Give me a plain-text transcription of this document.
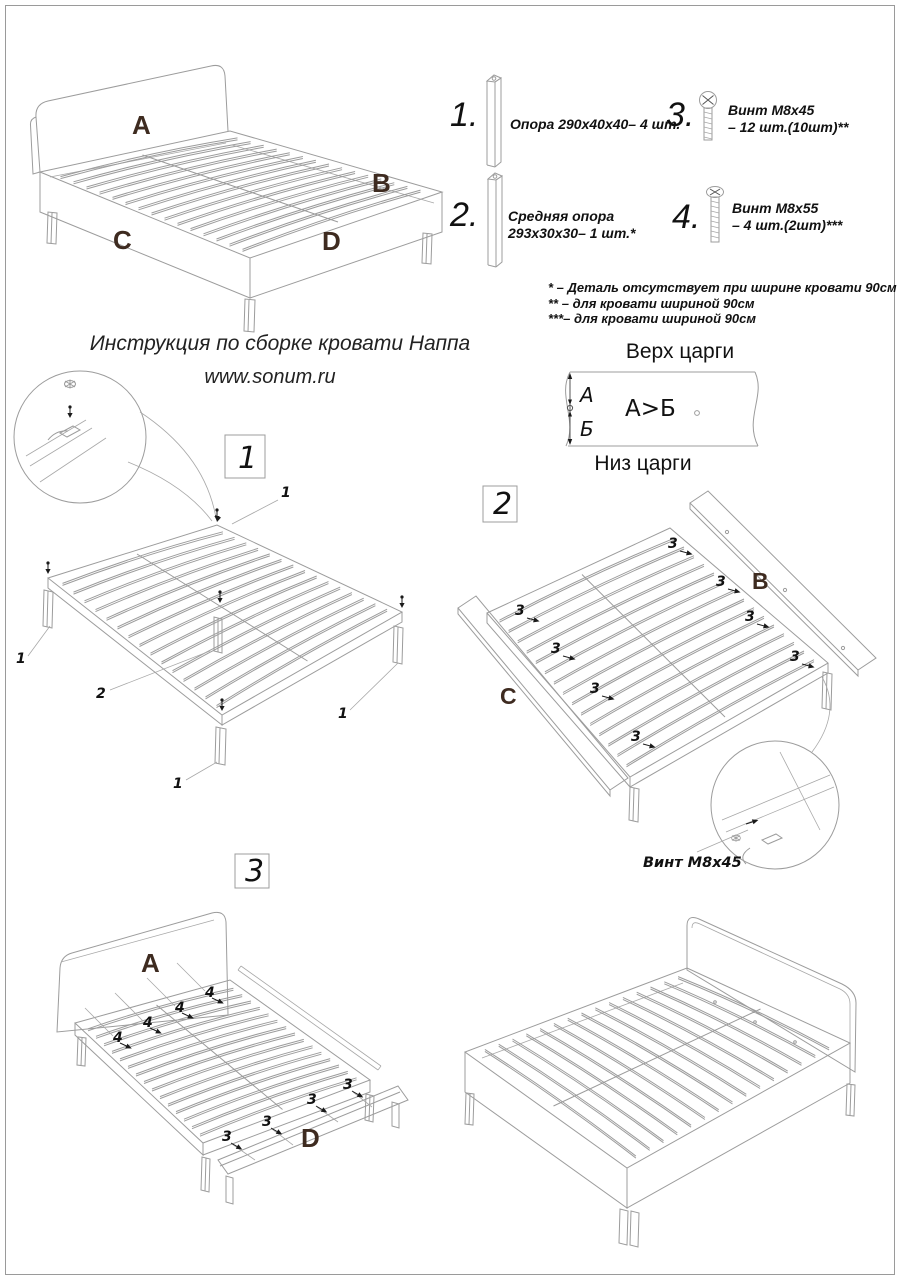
A
B
C	D
1. Опора 290х40х40– 4 шт.
2. Средняя опора
293х30х30– 1 шт.*
3. Винт М8х45
– 12 шт.(10шт)**
4. Винт М8х55
– 4 шт.(2шт)***
* – Деталь отсутствует при ширине кровати 90см
** – для кровати шириной 90см
***– для кровати шириной 90см
Верх царги
А
Б
А>Б
Низ царги
Инструкция по сборке кровати Наппа
www.sonum.ru
1
1
1
2
1
1
2
B
C
3
3
3	3
3	3
3
3
Винт М8х45
3
A
D
4
4
4
4
3
3
3
3
